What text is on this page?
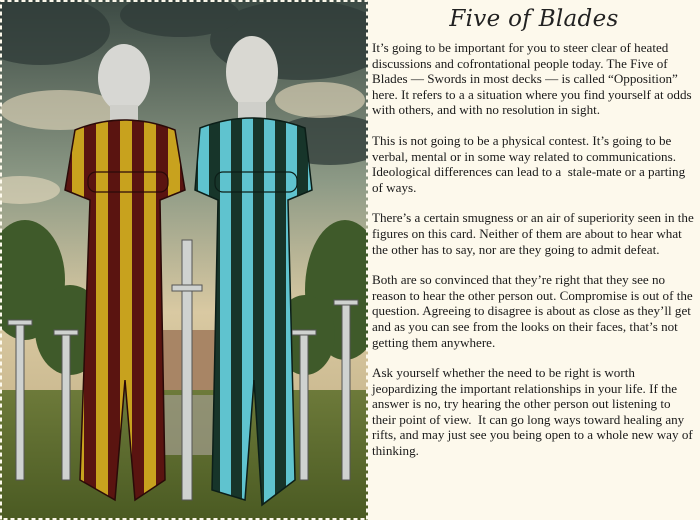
Five of Blades

It’s going to be important for you to steer clear of heated discussions and cofrontational people today. The Five of Blades — Swords in most decks — is called “Opposition” here. It refers to a a situation where you find yourself at odds with others, and with no resolution in sight.

This is not going to be a physical contest. It’s going to be verbal, mental or in some way related to communications. Ideological differences can lead to a  stale-mate or a parting of ways.

There’s a certain smugness or an air of superiority seen in the figures on this card. Neither of them are about to hear what the other has to say, nor are they going to admit defeat.

Both are so convinced that they’re right that they see no reason to hear the other person out. Compromise is out of the question. Agreeing to disagree is about as close as they’ll get and as you can see from the looks on their faces, that’s not getting them anywhere.

Ask yourself whether the need to be right is worth jeopardizing the important relationships in your life. If the answer is no, try hearing the other person out listening to their point of view.  It can go long ways toward healing any rifts, and may just see you being open to a whole new way of thinking.
